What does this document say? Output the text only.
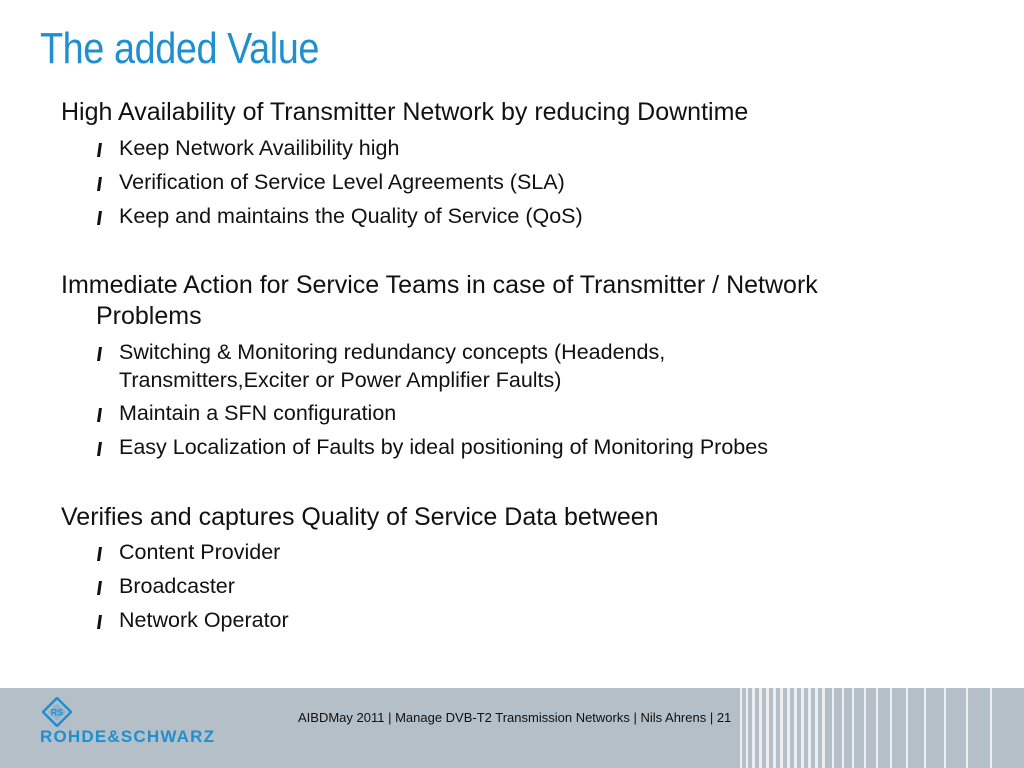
The added Value
High Availability of Transmitter Network by reducing Downtime
Keep Network Availibility high
Verification of Service Level Agreements (SLA)
Keep and maintains the Quality of Service (QoS)
Immediate Action for Service Teams in case of Transmitter / Network
Problems
Switching & Monitoring redundancy concepts (Headends,
Transmitters,Exciter or Power Amplifier Faults)
Maintain a SFN configuration
Easy Localization of Faults by ideal positioning of Monitoring Probes
Verifies and captures Quality of Service Data between
Content Provider
Broadcaster
Network Operator
AIBDMay 2011 | Manage DVB-T2 Transmission Networks | Nils Ahrens | 21
RS
ROHDE&SCHWARZ
